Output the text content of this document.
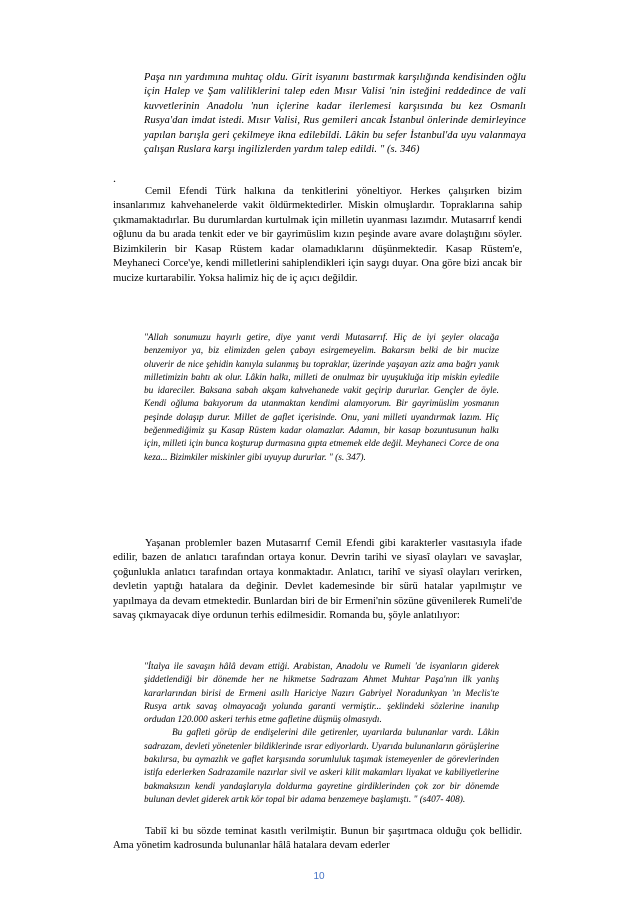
Paşa nın yardımına muhtaç oldu. Girit isyanını bastırmak karşılığında kendisinden oğlu için Halep ve Şam valiliklerini talep eden Mısır Valisi 'nin isteğini reddedince de vali kuvvetlerinin Anadolu 'nun içlerine kadar ilerlemesi karşısında bu kez Osmanlı Rusya'dan imdat istedi. Mısır Valisi, Rus gemileri ancak İstanbul önlerinde demirleyince yapılan barışla geri çekilmeye ikna edilebildi. Lâkin bu sefer İstanbul'da uyu valanmaya çalışan Ruslara karşı ingilizlerden yardım talep edildi. " (s. 346)

.

Cemil Efendi Türk halkına da tenkitlerini yöneltiyor. Herkes çalışırken bizim insanlarımız kahvehanelerde vakit öldürmektedirler. Miskin olmuşlardır. Topraklarına sahip çıkmamaktadırlar. Bu durumlardan kurtulmak için milletin uyanması lazımdır. Mutasarrıf kendi oğlunu da bu arada tenkit eder ve bir gayrimüslim kızın peşinde avare avare dolaştığını söyler. Bizimkilerin bir Kasap Rüstem kadar olamadıklarını düşünmektedir. Kasap Rüstem'e, Meyhaneci Corce'ye, kendi milletlerini sahiplendikleri için saygı duyar. Ona göre bizi ancak bir mucize kurtarabilir. Yoksa halimiz hiç de iç açıcı değildir.

"Allah sonumuzu hayırlı getire, diye yanıt verdi Mutasarrıf. Hiç de iyi şeyler olacağa benzemiyor ya, biz elimizden gelen çabayı esirgemeyelim. Bakarsın belki de bir mucize oluverir de nice şehidin kanıyla sulanmış bu topraklar, üzerinde yaşayan aziz ama bağrı yanık milletimizin bahtı ak olur. Lâkin halkı, milleti de onulmaz bir uyuşukluğa itip miskin eyledile bu idareciler. Baksana sabah akşam kahvehanede vakit geçirip dururlar. Gençler de öyle. Kendi oğluma bakıyorum da utanmaktan kendimi alamıyorum. Bir gayrimüslim yosmanın peşinde dolaşıp durur. Millet de gaflet içerisinde. Onu, yani milleti uyandırmak lazım. Hiç beğenmediğimiz şu Kasap Rüstem kadar olamazlar. Adamın, bir kasap bozuntusunun halkı için, milleti için bunca koşturup durmasına gıpta etmemek elde değil. Meyhaneci Corce de ona keza... Bizimkiler miskinler gibi uyuyup dururlar. " (s. 347).

Yaşanan problemler bazen Mutasarrıf Cemil Efendi gibi karakterler vasıtasıyla ifade edilir, bazen de anlatıcı tarafından ortaya konur. Devrin tarihi ve siyasî olayları ve savaşlar, çoğunlukla anlatıcı tarafından ortaya konmaktadır. Anlatıcı, tarihî ve siyasî olayları verirken, devletin yaptığı hatalara da değinir. Devlet kademesinde bir sürü hatalar yapılmıştır ve yapılmaya da devam etmektedir. Bunlardan biri de bir Ermeni'nin sözüne güvenilerek Rumeli'de savaş çıkmayacak diye ordunun terhis edilmesidir. Romanda bu, şöyle anlatılıyor:

"İtalya ile savaşın hâlâ devam ettiği. Arabistan, Anadolu ve Rumeli 'de isyanların giderek şiddetlendiği bir dönemde her ne hikmetse Sadrazam Ahmet Muhtar Paşa'nın ilk yanlış kararlarından birisi de Ermeni asıllı Hariciye Nazırı Gabriyel Noradunkyan 'ın Meclis'te Rusya artık savaş olmayacağı yolunda garanti vermiştir... şeklindeki sözlerine inanılıp ordudan 120.000 askeri terhis etme gafletine düşmüş olmasıydı.

Bu gafleti görüp de endişelerini dile getirenler, uyarılarda bulunanlar vardı. Lâkin sadrazam, devleti yönetenler bildiklerinde ısrar ediyorlardı. Uyarıda bulunanların görüşlerine bakılırsa, bu aymazlık ve gaflet karşısında sorumluluk taşımak istemeyenler de görevlerinden istifa ederlerken Sadrazamile nazırlar sivil ve askeri kilit makamları liyakat ve kabiliyetlerine bakmaksızın kendi yandaşlarıyla doldurma gayretine girdiklerinden çok zor bir dönemde bulunan devlet giderek artık kör topal bir adama benzemeye başlamıştı. " (s407- 408).

Tabiî ki bu sözde teminat kasıtlı verilmiştir. Bunun bir şaşırtmaca olduğu çok bellidir. Ama yönetim kadrosunda bulunanlar hâlâ hatalara devam ederler

10
